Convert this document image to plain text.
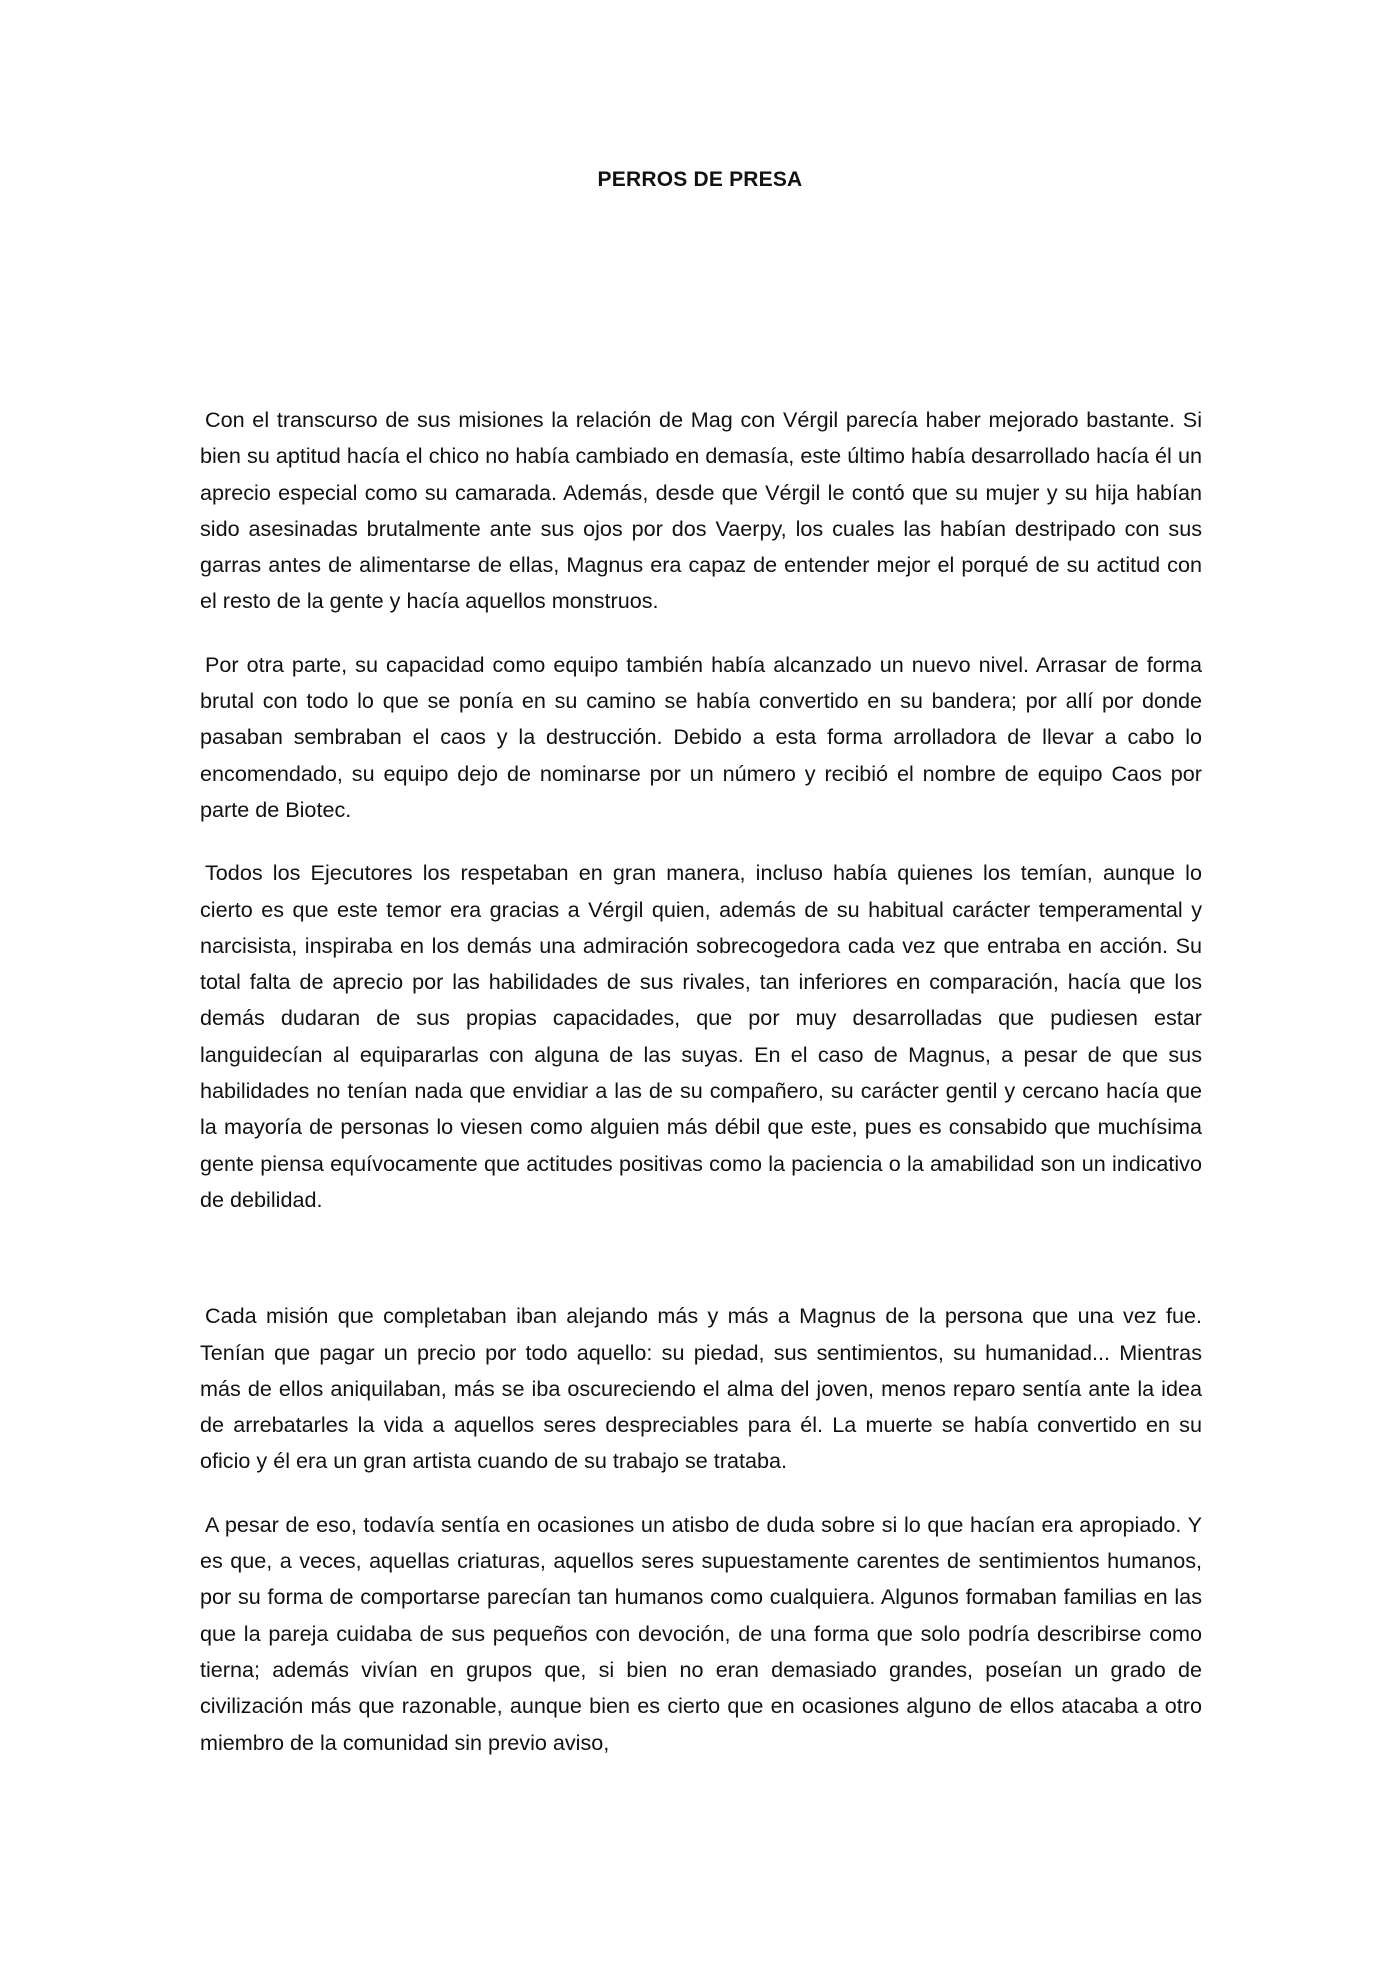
PERROS DE PRESA

Con el transcurso de sus misiones la relación de Mag con Vérgil parecía haber mejorado bastante. Si bien su aptitud hacía el chico no había cambiado en demasía, este último había desarrollado hacía él un aprecio especial como su camarada. Además, desde que Vérgil le contó que su mujer y su hija habían sido asesinadas brutalmente ante sus ojos por dos Vaerpy, los cuales las habían destripado con sus garras antes de alimentarse de ellas, Magnus era capaz de entender mejor el porqué de su actitud con el resto de la gente y hacía aquellos monstruos.

Por otra parte, su capacidad como equipo también había alcanzado un nuevo nivel. Arrasar de forma brutal con todo lo que se ponía en su camino se había convertido en su bandera; por allí por donde pasaban sembraban el caos y la destrucción. Debido a esta forma arrolladora de llevar a cabo lo encomendado, su equipo dejo de nominarse por un número y recibió el nombre de equipo Caos por parte de Biotec.

Todos los Ejecutores los respetaban en gran manera, incluso había quienes los temían, aunque lo cierto es que este temor era gracias a Vérgil quien, además de su habitual carácter temperamental y narcisista, inspiraba en los demás una admiración sobrecogedora cada vez que entraba en acción. Su total falta de aprecio por las habilidades de sus rivales, tan inferiores en comparación, hacía que los demás dudaran de sus propias capacidades, que por muy desarrolladas que pudiesen estar languidecían al equipararlas con alguna de las suyas. En el caso de Magnus, a pesar de que sus habilidades no tenían nada que envidiar a las de su compañero, su carácter gentil y cercano hacía que la mayoría de personas lo viesen como alguien más débil que este, pues es consabido que muchísima gente piensa equívocamente que actitudes positivas como la paciencia o la amabilidad son un indicativo de debilidad.

Cada misión que completaban iban alejando más y más a Magnus de la persona que una vez fue. Tenían que pagar un precio por todo aquello: su piedad, sus sentimientos, su humanidad... Mientras más de ellos aniquilaban, más se iba oscureciendo el alma del joven, menos reparo sentía ante la idea de arrebatarles la vida a aquellos seres despreciables para él. La muerte se había convertido en su oficio y él era un gran artista cuando de su trabajo se trataba.

A pesar de eso, todavía sentía en ocasiones un atisbo de duda sobre si lo que hacían era apropiado. Y es que, a veces, aquellas criaturas, aquellos seres supuestamente carentes de sentimientos humanos, por su forma de comportarse parecían tan humanos como cualquiera. Algunos formaban familias en las que la pareja cuidaba de sus pequeños con devoción, de una forma que solo podría describirse como tierna; además vivían en grupos que, si bien no eran demasiado grandes, poseían un grado de civilización más que razonable, aunque bien es cierto que en ocasiones alguno de ellos atacaba a otro miembro de la comunidad sin previo aviso,
